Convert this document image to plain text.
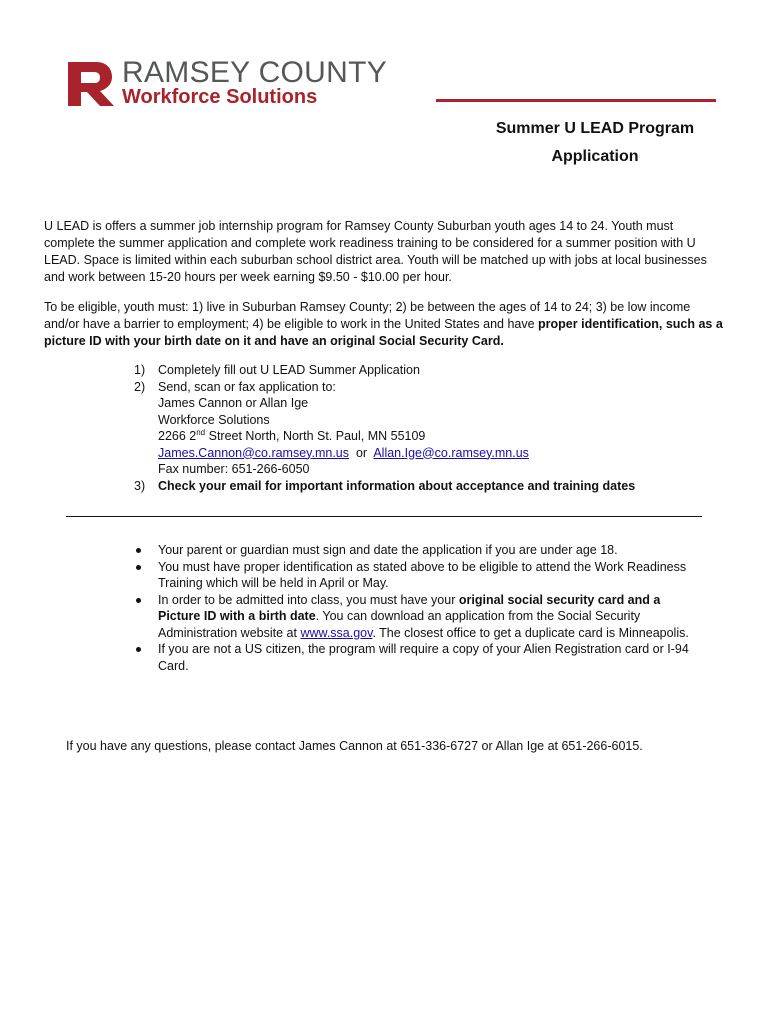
RAMSEY COUNTY
Workforce Solutions
Summer U LEAD Program
Application

U LEAD is offers a summer job internship program for Ramsey County Suburban youth ages 14 to 24. Youth must complete the summer application and complete work readiness training to be considered for a summer position with U LEAD. Space is limited within each suburban school district area. Youth will be matched up with jobs at local businesses and work between 15-20 hours per week earning $9.50 - $10.00 per hour.

To be eligible, youth must: 1) live in Suburban Ramsey County; 2) be between the ages of 14 to 24; 3) be low income and/or have a barrier to employment; 4) be eligible to work in the United States and have proper identification, such as a picture ID with your birth date on it and have an original Social Security Card.

1)	Completely fill out U LEAD Summer Application
2)	Send, scan or fax application to:
James Cannon or Allan Ige
Workforce Solutions
2266 2nd Street North, North St. Paul, MN 55109
James.Cannon@co.ramsey.mn.us  or  Allan.Ige@co.ramsey.mn.us
Fax number: 651-266-6050
3)	Check your email for important information about acceptance and training dates
Your parent or guardian must sign and date the application if you are under age 18.
You must have proper identification as stated above to be eligible to attend the Work Readiness Training which will be held in April or May.
In order to be admitted into class, you must have your original social security card and a Picture ID with a birth date. You can download an application from the Social Security Administration website at www.ssa.gov. The closest office to get a duplicate card is Minneapolis.
If you are not a US citizen, the program will require a copy of your Alien Registration card or I-94 Card.
If you have any questions, please contact James Cannon at 651-336-6727 or Allan Ige at 651-266-6015.
